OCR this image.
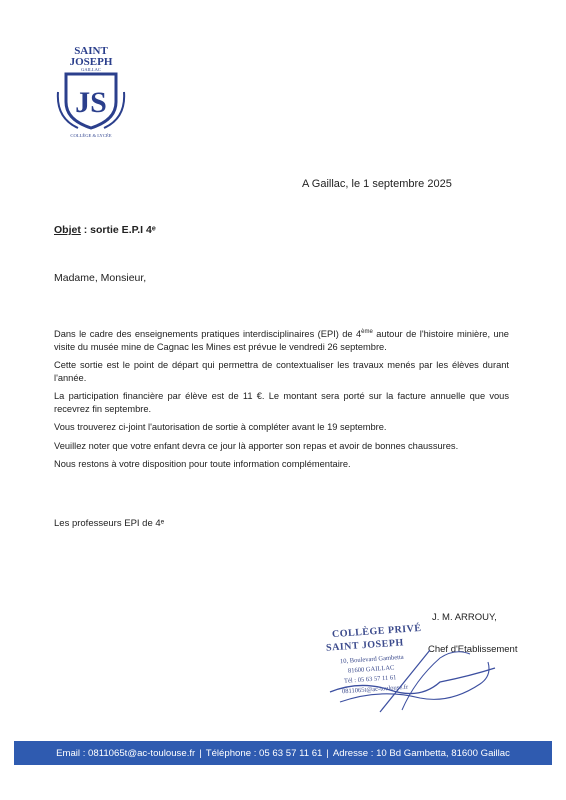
SAINT
JOSEPH
GAILLAC
JS
COLLÈGE & LYCÉE
A Gaillac, le 1 septembre 2025
Objet : sortie E.P.I 4ᵉ
Madame, Monsieur,

Dans le cadre des enseignements pratiques interdisciplinaires (EPI) de 4ème autour de l'histoire minière, une visite du musée mine de Cagnac les Mines est prévue le vendredi 26 septembre.

Cette sortie est le point de départ qui permettra de contextualiser les travaux menés par les élèves durant l'année.

La participation financière par élève est de 11 €. Le montant sera porté sur la facture annuelle que vous recevrez fin septembre.

Vous trouverez ci-joint l'autorisation de sortie à compléter avant le 19 septembre.

Veuillez noter que votre enfant devra ce jour là apporter son repas et avoir de bonnes chaussures.

Nous restons à votre disposition pour toute information complémentaire.

Les professeurs EPI de 4ᵉ
J. M. ARROUY,
COLLÈGE PRIVÉ
SAINT JOSEPH
10, Boulevard Gambetta
81600 GAILLAC
Tél : 05 63 57 11 61
0811065t@ac-toulouse.fr
Chef d'Etablissement
Email : 0811065t@ac-toulouse.fr | Téléphone : 05 63 57 11 61 | Adresse : 10 Bd Gambetta, 81600 Gaillac
